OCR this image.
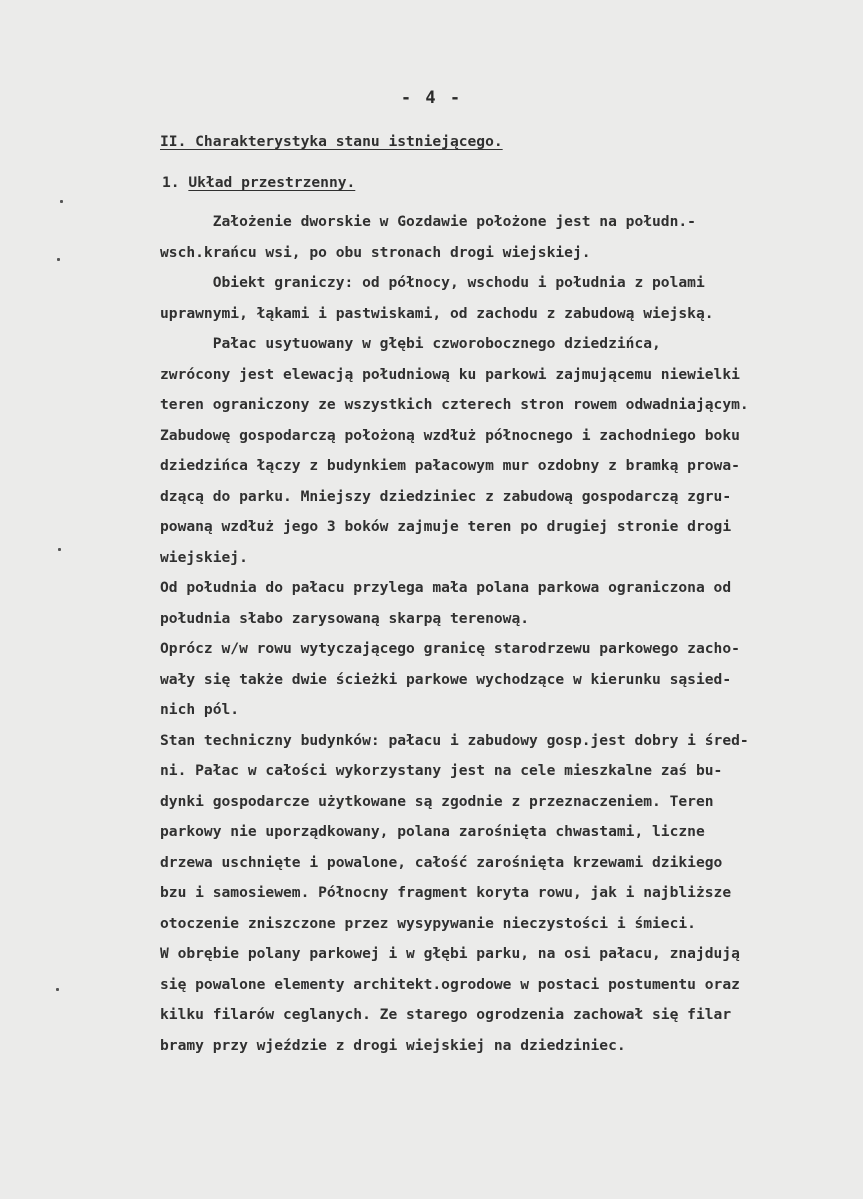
- 4 -
II. Charakterystyka stanu istniejącego.
1. Układ przestrzenny.
Założenie dworskie w Gozdawie położone jest na połudn.-
wsch.krańcu wsi, po obu stronach drogi wiejskiej.
Obiekt graniczy: od północy, wschodu i południa z polami
uprawnymi, łąkami i pastwiskami, od zachodu z zabudową wiejską.
Pałac usytuowany w głębi czworobocznego dziedzińca,
zwrócony jest elewacją południową ku parkowi zajmującemu niewielki
teren ograniczony ze wszystkich czterech stron rowem odwadniającym.
Zabudowę gospodarczą położoną wzdłuż północnego i zachodniego boku
dziedzińca łączy z budynkiem pałacowym mur ozdobny z bramką prowa-
dzącą do parku. Mniejszy dziedziniec z zabudową gospodarczą zgru-
powaną wzdłuż jego 3 boków zajmuje teren po drugiej stronie drogi
wiejskiej.
Od południa do pałacu przylega mała polana parkowa ograniczona od
południa słabo zarysowaną skarpą terenową.
Oprócz w/w rowu wytyczającego granicę starodrzewu parkowego zacho-
wały się także dwie ścieżki parkowe wychodzące w kierunku sąsied-
nich pól.
Stan techniczny budynków: pałacu i zabudowy gosp.jest dobry i śred-
ni. Pałac w całości wykorzystany jest na cele mieszkalne zaś bu-
dynki gospodarcze użytkowane są zgodnie z przeznaczeniem. Teren
parkowy nie uporządkowany, polana zarośnięta chwastami, liczne
drzewa uschnięte i powalone, całość zarośnięta krzewami dzikiego
bzu i samosiewem. Północny fragment koryta rowu, jak i najbliższe
otoczenie zniszczone przez wysypywanie nieczystości i śmieci.
W obrębie polany parkowej i w głębi parku, na osi pałacu, znajdują
się powalone elementy architekt.ogrodowe w postaci postumentu oraz
kilku filarów ceglanych. Ze starego ogrodzenia zachował się filar
bramy przy wjeździe z drogi wiejskiej na dziedziniec.
